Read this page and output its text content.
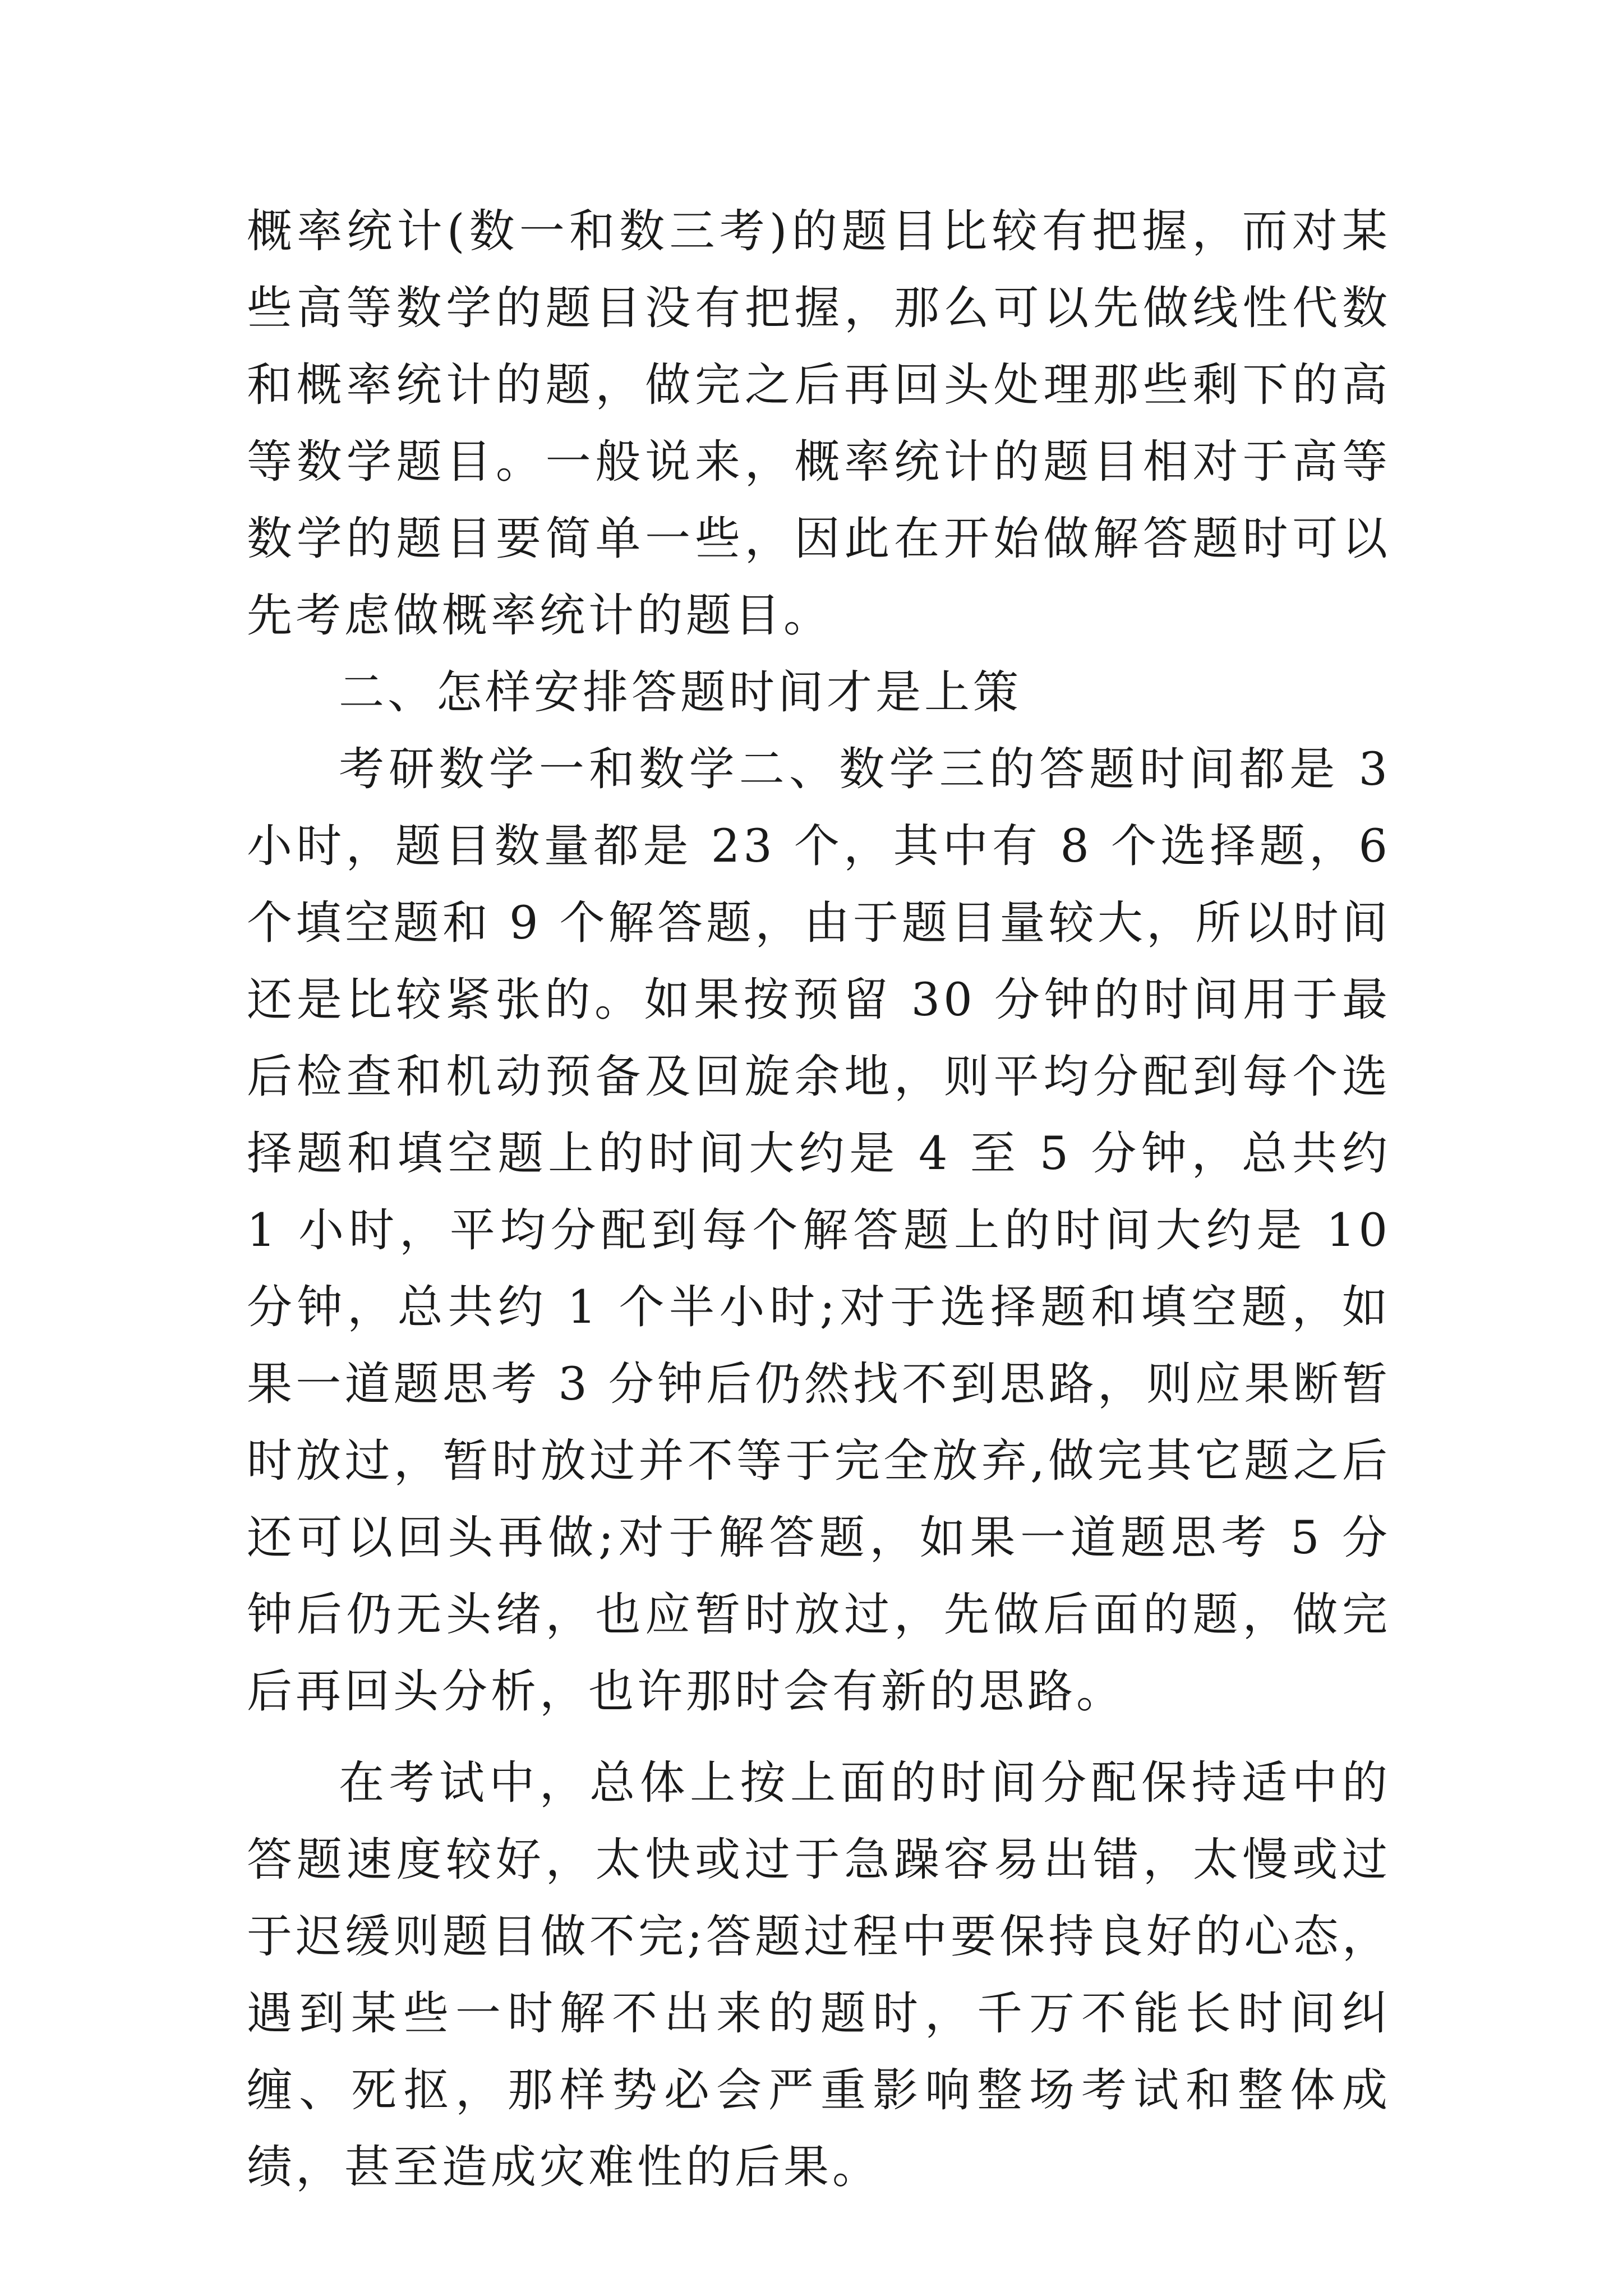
概率统计(数一和数三考)的题目比较有把握，而对某些高等数学的题目没有把握，那么可以先做线性代数和概率统计的题，做完之后再回头处理那些剩下的高等数学题目。一般说来，概率统计的题目相对于高等数学的题目要简单一些，因此在开始做解答题时可以先考虑做概率统计的题目。

二、怎样安排答题时间才是上策

考研数学一和数学二、数学三的答题时间都是 3 小时，题目数量都是 23 个，其中有 8 个选择题，6 个填空题和 9 个解答题，由于题目量较大，所以时间还是比较紧张的。如果按预留 30 分钟的时间用于最后检查和机动预备及回旋余地，则平均分配到每个选择题和填空题上的时间大约是 4 至 5 分钟，总共约 1 小时，平均分配到每个解答题上的时间大约是 10 分钟，总共约 1 个半小时;对于选择题和填空题，如果一道题思考 3 分钟后仍然找不到思路，则应果断暂时放过，暂时放过并不等于完全放弃,做完其它题之后还可以回头再做;对于解答题，如果一道题思考 5 分钟后仍无头绪，也应暂时放过，先做后面的题，做完后再回头分析，也许那时会有新的思路。

在考试中，总体上按上面的时间分配保持适中的答题速度较好，太快或过于急躁容易出错，太慢或过于迟缓则题目做不完;答题过程中要保持良好的心态，遇到某些一时解不出来的题时，千万不能长时间纠缠、死抠，那样势必会严重影响整场考试和整体成绩，甚至造成灾难性的后果。
